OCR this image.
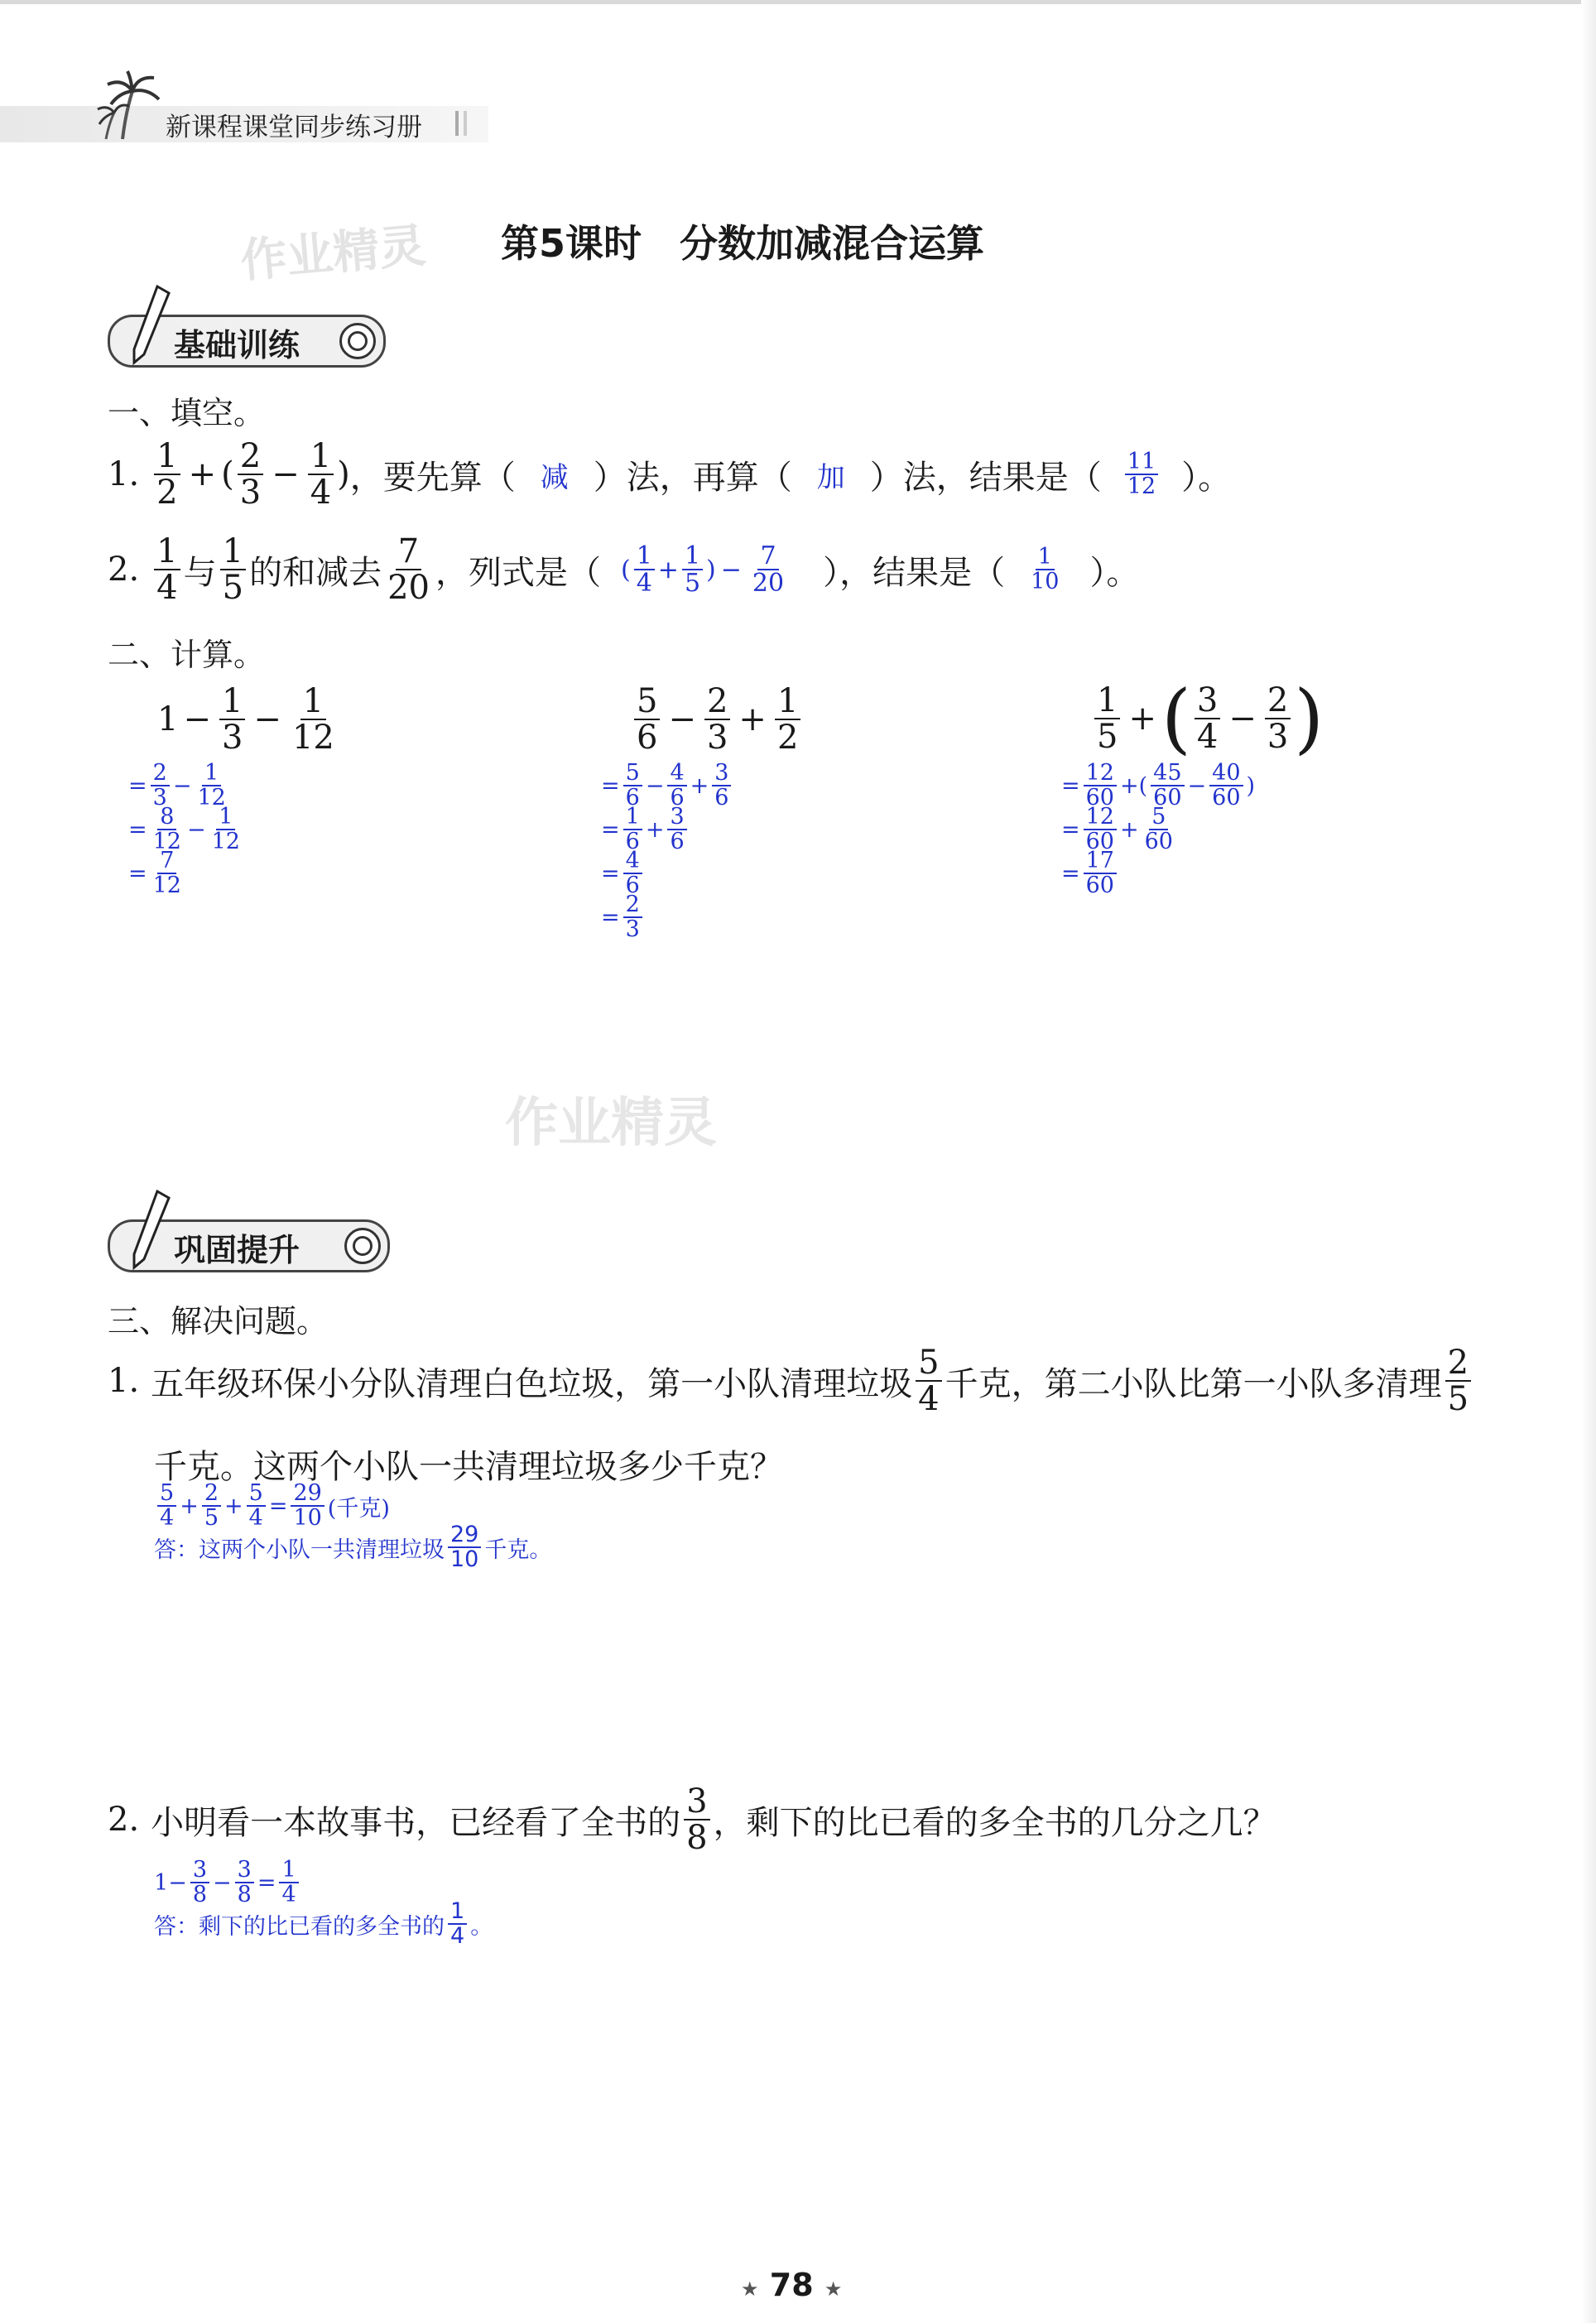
新课程课堂同步练习册
作业精灵
作业精灵
第5课时　分数加减混合运算
基础训练
一、填空。
1. $\frac{1}{2}$ + ( $\frac{2}{3} - \frac{1}{4}$ ) ，要先算（ 减 ）法，再算（ 加 ）法，结果是（ $\frac{11}{12}$ ）。
2. $\frac{1}{4}$ 与 $\frac{1}{5}$ 的和减去 $\frac{7}{20}$ ，列式是（ ( $\frac{1}{4} + \frac{1}{5}$ ) − $\frac{7}{20}$ ），结果是（ $\frac{1}{10}$ ）。
二、计算。
$1 - \frac{1}{3} - \frac{1}{12}$
= $\frac{2}{3} - \frac{1}{12}$
= $\frac{8}{12} - \frac{1}{12}$
= $\frac{7}{12}$
$\frac{5}{6} - \frac{2}{3} + \frac{1}{2}$
= $\frac{5}{6} - \frac{4}{6} + \frac{3}{6}$
= $\frac{1}{6} + \frac{3}{6}$
= $\frac{4}{6}$
= $\frac{2}{3}$
$\frac{1}{5}$ + ( $\frac{3}{4} - \frac{2}{3}$ )
= $\frac{12}{60}$ +( $\frac{45}{60} - \frac{40}{60}$ )
= $\frac{12}{60} + \frac{5}{60}$
= $\frac{17}{60}$
巩固提升
三、解决问题。
1. 五年级环保小分队清理白色垃圾，第一小队清理垃圾 $\frac{5}{4}$ 千克，第二小队比第一小队多清理 $\frac{2}{5}$
千克。这两个小队一共清理垃圾多少千克？
$\frac{5}{4} + \frac{2}{5} + \frac{5}{4} = \frac{29}{10}$ (千克)
答：这两个小队一共清理垃圾 $\frac{29}{10}$ 千克。
2. 小明看一本故事书，已经看了全书的 $\frac{3}{8}$ ，剩下的比已看的多全书的几分之几？
$1 - \frac{3}{8} - \frac{3}{8} = \frac{1}{4}$
答：剩下的比已看的多全书的 $\frac{1}{4}$ 。
★ 78 ★
